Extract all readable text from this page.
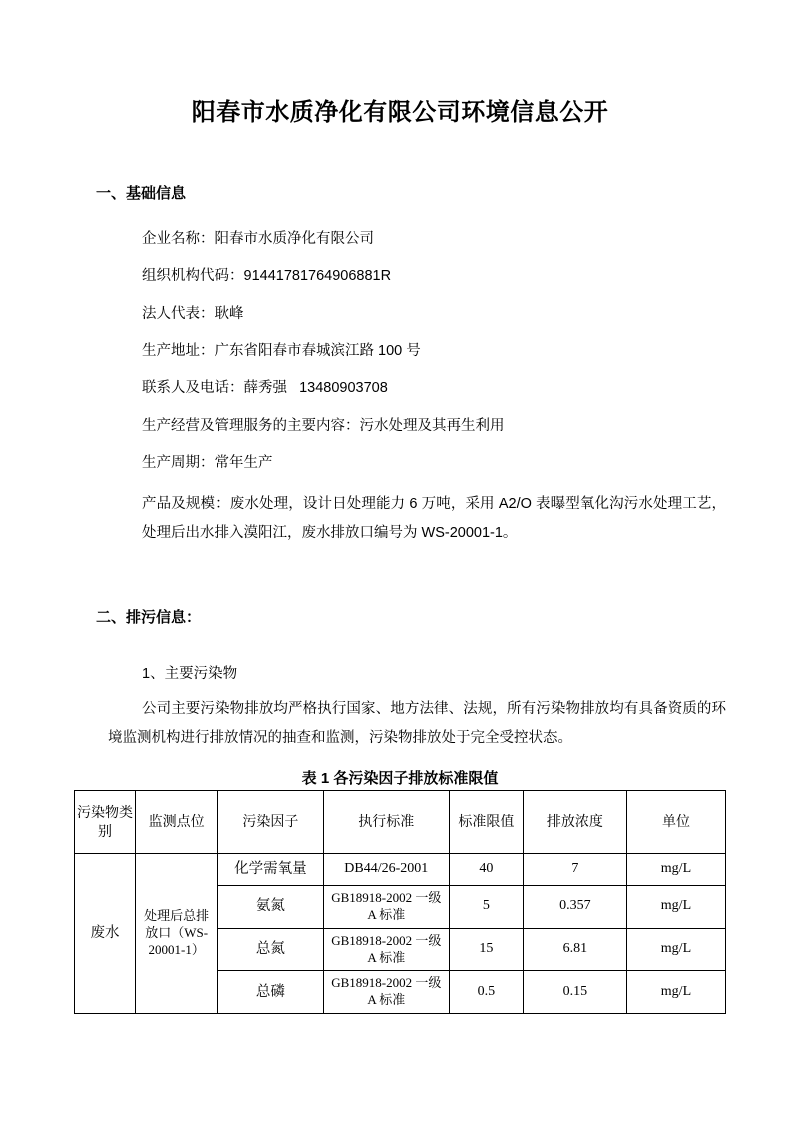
阳春市水质净化有限公司环境信息公开
一、基础信息
企业名称：阳春市水质净化有限公司
组织机构代码：91441781764906881R
法人代表：耿峰
生产地址：广东省阳春市春城滨江路 100 号
联系人及电话：薛秀强   13480903708
生产经营及管理服务的主要内容：污水处理及其再生利用
生产周期：常年生产

产品及规模：废水处理，设计日处理能力 6 万吨，采用 A2/O 表曝型氧化沟污水处理工艺，处理后出水排入漠阳江，废水排放口编号为 WS-20001-1。

二、排污信息：
1、主要污染物

公司主要污染物排放均严格执行国家、地方法律、法规，所有污染物排放均有具备资质的环境监测机构进行排放情况的抽查和监测，污染物排放处于完全受控状态。

表 1 各污染因子排放标准限值
污染物类别	监测点位	污染因子	执行标准	标准限值	排放浓度	单位
废水	处理后总排放口（WS-20001-1）	化学需氧量	DB44/26-2001	40	7	mg/L
		氨氮	GB18918-2002 一级 A 标准	5	0.357	mg/L
		总氮	GB18918-2002 一级 A 标准	15	6.81	mg/L
		总磷	GB18918-2002 一级 A 标准	0.5	0.15	mg/L
